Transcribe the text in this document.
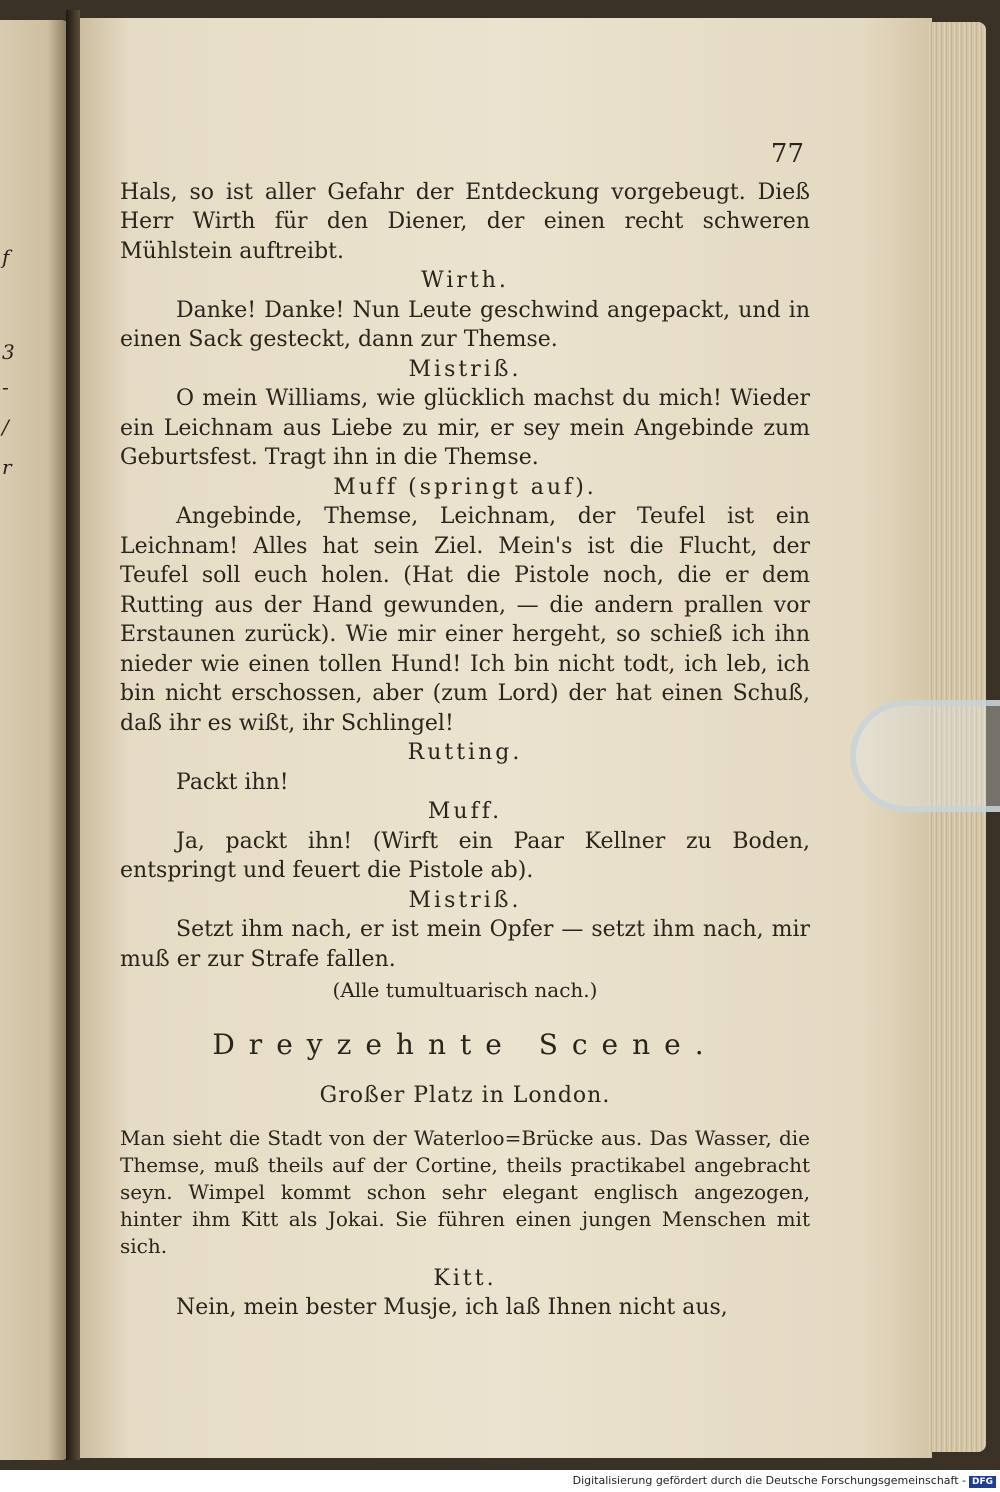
f
3
-
/
r
77

Hals, so ist aller Gefahr der Entdeckung vorgebeugt. Dieß Herr Wirth für den Diener, der einen recht schweren Mühlstein auftreibt.

Wirth.

Danke! Danke! Nun Leute geschwind angepackt, und in einen Sack gesteckt, dann zur Themse.

Mistriß.

O mein Williams, wie glücklich machst du mich! Wieder ein Leichnam aus Liebe zu mir, er sey mein Angebinde zum Geburtsfest. Tragt ihn in die Themse.

Muff (springt auf).

Angebinde, Themse, Leichnam, der Teufel ist ein Leichnam! Alles hat sein Ziel. Mein's ist die Flucht, der Teufel soll euch holen. (Hat die Pistole noch, die er dem Rutting aus der Hand gewunden, — die andern prallen vor Erstaunen zurück). Wie mir einer hergeht, so schieß ich ihn nieder wie einen tollen Hund! Ich bin nicht todt, ich leb, ich bin nicht erschossen, aber (zum Lord) der hat einen Schuß, daß ihr es wißt, ihr Schlingel!

Rutting.

Packt ihn!

Muff.

Ja, packt ihn! (Wirft ein Paar Kellner zu Boden, entspringt und feuert die Pistole ab).

Mistriß.

Setzt ihm nach, er ist mein Opfer — setzt ihm nach, mir muß er zur Strafe fallen.

(Alle tumultuarisch nach.)

Dreyzehnte Scene.

Großer Platz in London.

Man sieht die Stadt von der Waterloo=Brücke aus. Das Wasser, die Themse, muß theils auf der Cortine, theils practikabel angebracht seyn. Wimpel kommt schon sehr elegant englisch angezogen, hinter ihm Kitt als Jokai. Sie führen einen jungen Menschen mit sich.

Kitt.

Nein, mein bester Musje, ich laß Ihnen nicht aus,

Digitalisierung gefördert durch die Deutsche Forschungsgemeinschaft - DFG
